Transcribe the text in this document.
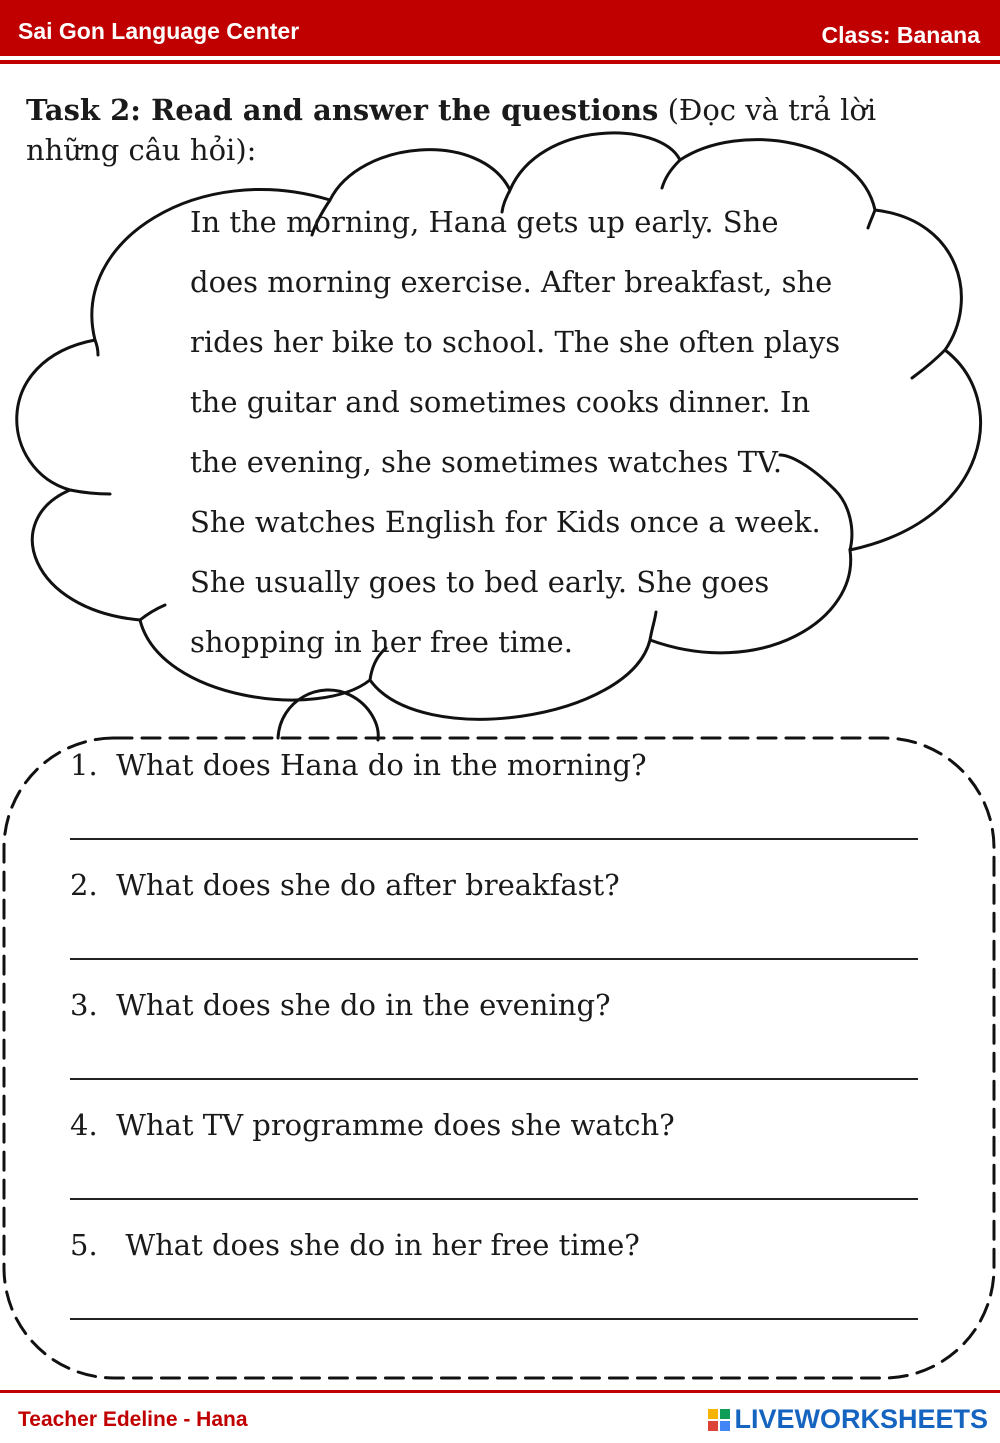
Sai Gon Language Center	Class: Banana
Task 2: Read and answer the questions (Đọc và trả lời những câu hỏi):
In the morning, Hana gets up early. She
does morning exercise. After breakfast, she
rides her bike to school. The she often plays
the guitar and sometimes cooks dinner. In
the evening, she sometimes watches TV.
She watches English for Kids once a week.
She usually goes to bed early. She goes
shopping in her free time.
1.  What does Hana do in the morning?
2.  What does she do after breakfast?
3.  What does she do in the evening?
4.  What TV programme does she watch?
5.   What does she do in her free time?
Teacher Edeline - Hana	LIVEWORKSHEETS
